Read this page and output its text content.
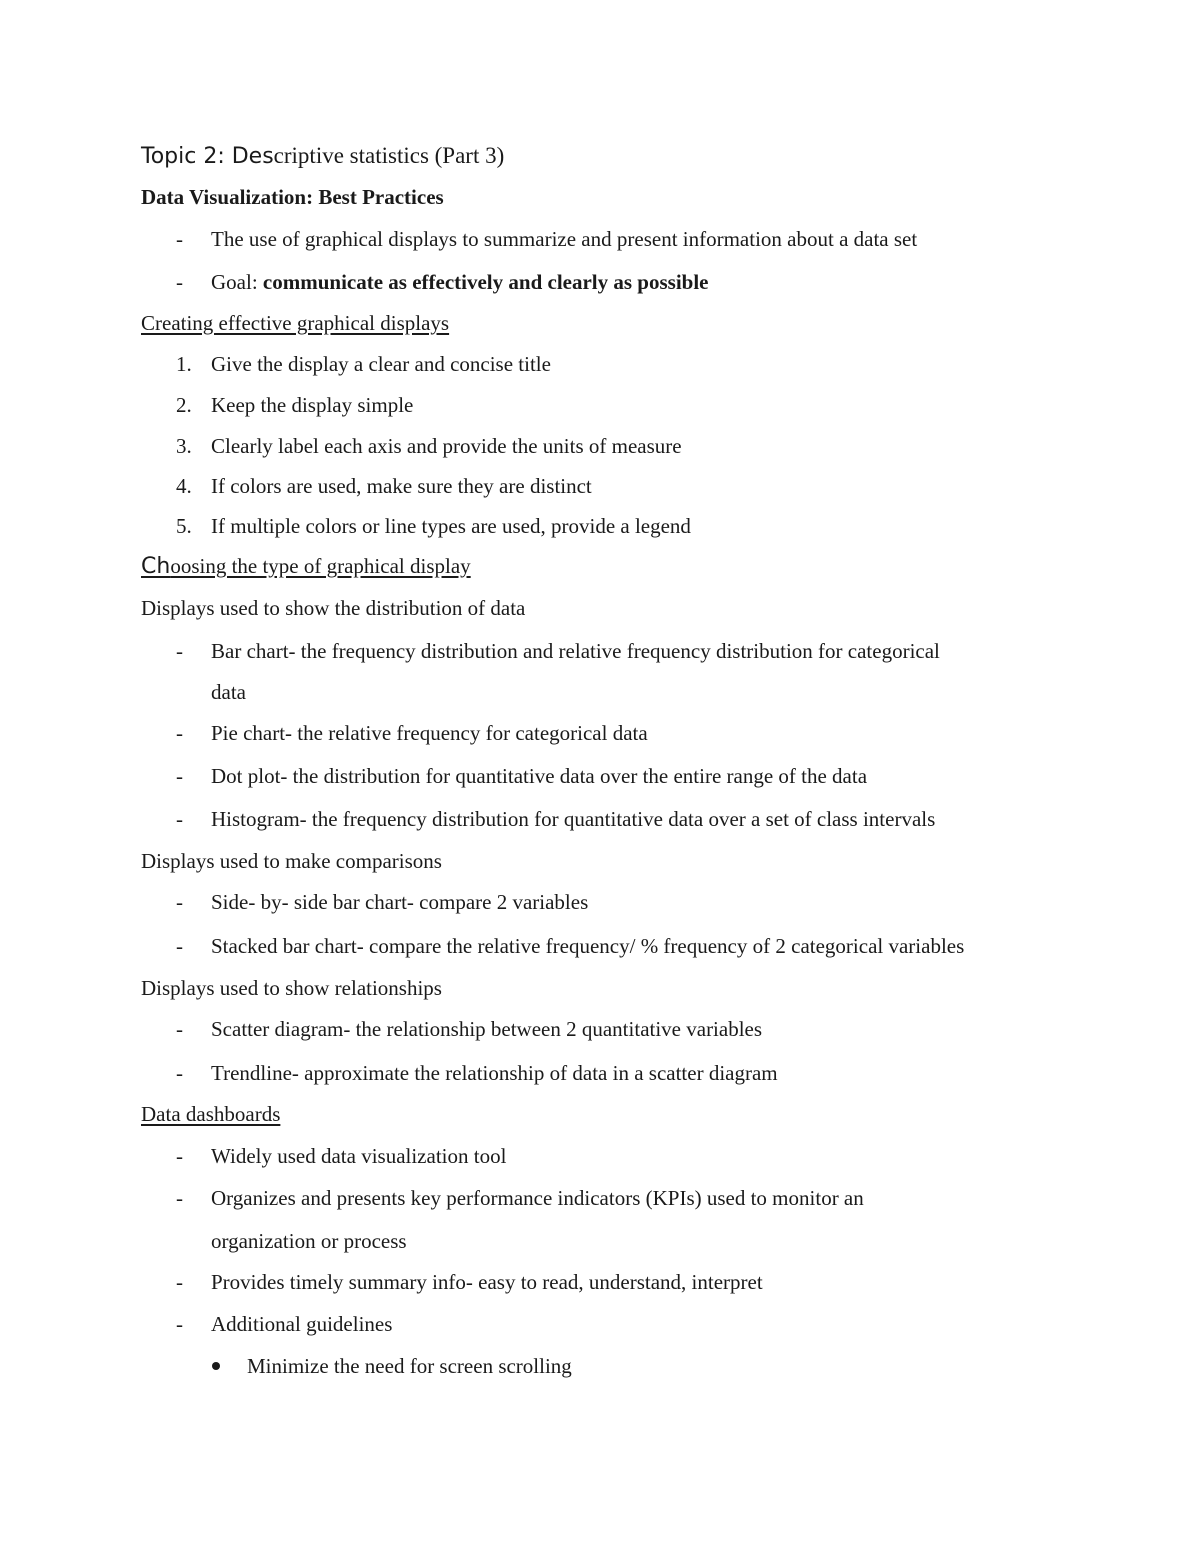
Topic 2: Descriptive statistics (Part 3)
Data Visualization: Best Practices
- The use of graphical displays to summarize and present information about a data set
- Goal: communicate as effectively and clearly as possible
Creating effective graphical displays
1. Give the display a clear and concise title
2. Keep the display simple
3. Clearly label each axis and provide the units of measure
4. If colors are used, make sure they are distinct
5. If multiple colors or line types are used, provide a legend
Choosing the type of graphical display
Displays used to show the distribution of data
- Bar chart- the frequency distribution and relative frequency distribution for categorical
data
- Pie chart- the relative frequency for categorical data
- Dot plot- the distribution for quantitative data over the entire range of the data
- Histogram- the frequency distribution for quantitative data over a set of class intervals
Displays used to make comparisons
- Side- by- side bar chart- compare 2 variables
- Stacked bar chart- compare the relative frequency/ % frequency of 2 categorical variables
Displays used to show relationships
- Scatter diagram- the relationship between 2 quantitative variables
- Trendline- approximate the relationship of data in a scatter diagram
Data dashboards
- Widely used data visualization tool
- Organizes and presents key performance indicators (KPIs) used to monitor an
organization or process
- Provides timely summary info- easy to read, understand, interpret
- Additional guidelines
Minimize the need for screen scrolling
